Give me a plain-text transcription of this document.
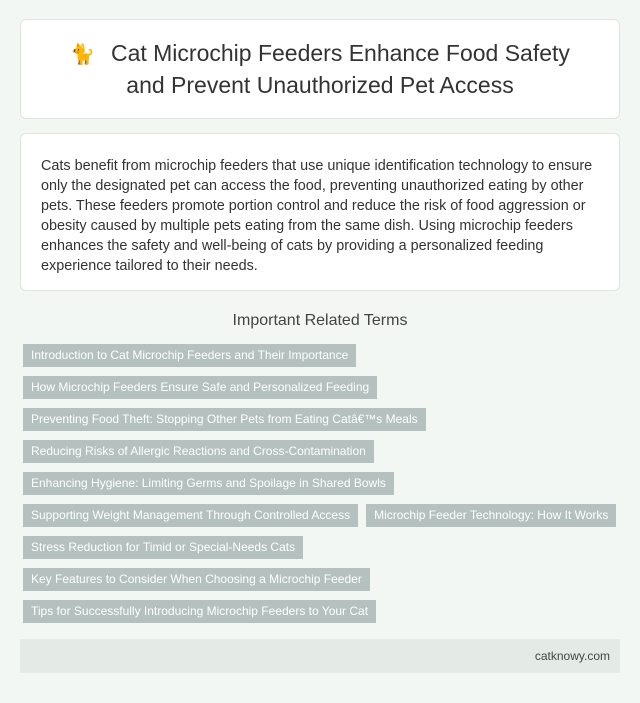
🐈 Cat Microchip Feeders Enhance Food Safety and Prevent Unauthorized Pet Access

Cats benefit from microchip feeders that use unique identification technology to ensure only the designated pet can access the food, preventing unauthorized eating by other pets. These feeders promote portion control and reduce the risk of food aggression or obesity caused by multiple pets eating from the same dish. Using microchip feeders enhances the safety and well-being of cats by providing a personalized feeding experience tailored to their needs.

Important Related Terms
Introduction to Cat Microchip Feeders and Their Importance
How Microchip Feeders Ensure Safe and Personalized Feeding
Preventing Food Theft: Stopping Other Pets from Eating Catâ€™s Meals
Reducing Risks of Allergic Reactions and Cross-Contamination
Enhancing Hygiene: Limiting Germs and Spoilage in Shared Bowls
Supporting Weight Management Through Controlled Access	Microchip Feeder Technology: How It Works
Stress Reduction for Timid or Special-Needs Cats
Key Features to Consider When Choosing a Microchip Feeder
Tips for Successfully Introducing Microchip Feeders to Your Cat
catknowy.com
